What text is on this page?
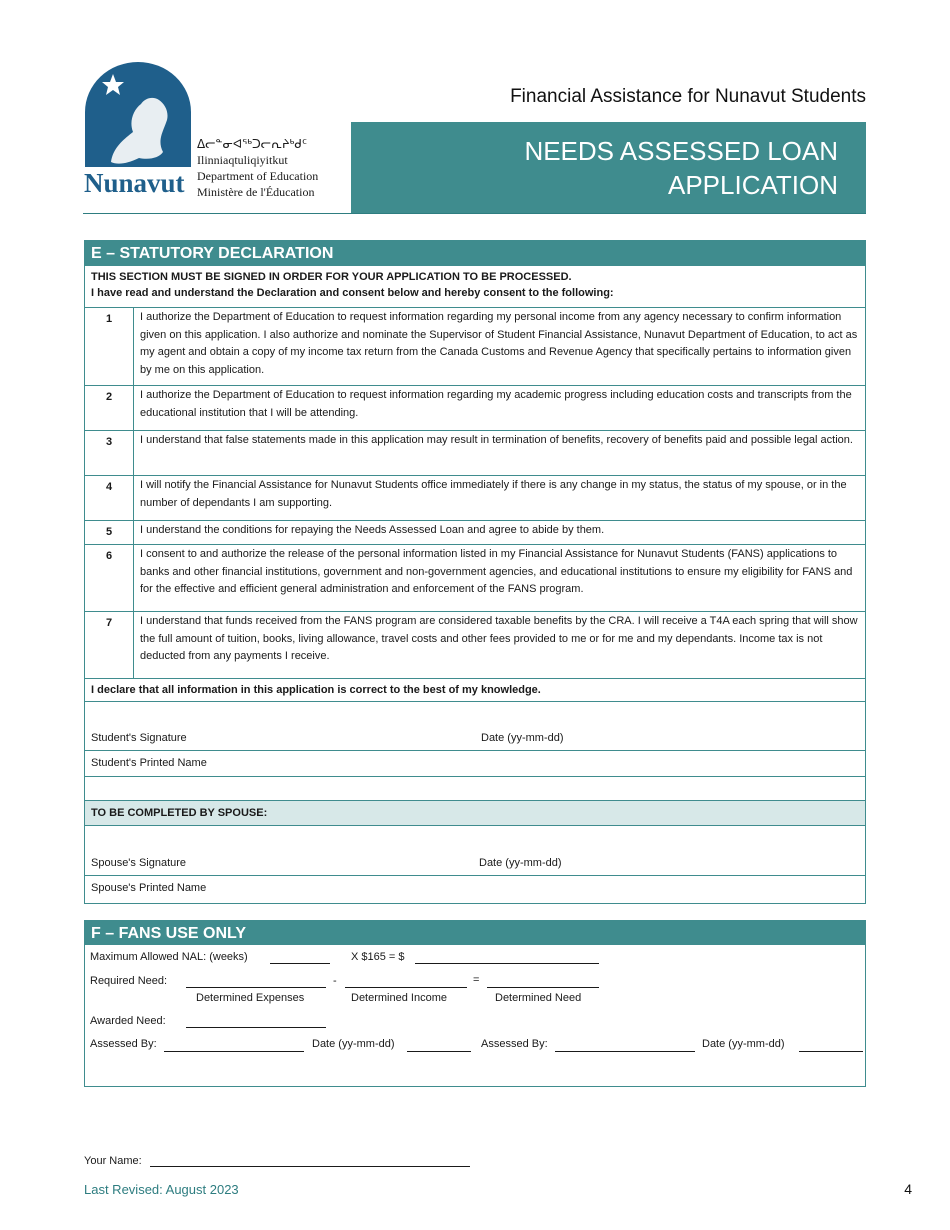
Nunavut
ᐃᓕᓐᓂᐊᖅᑐᓕᕆᔨᒃᑯᑦ
Ilinniaqtuliqiyitkut
Department of Education
Ministère de l'Éducation
Financial Assistance for Nunavut Students
NEEDS ASSESSED LOAN
APPLICATION
E – STATUTORY DECLARATION
THIS SECTION MUST BE SIGNED IN ORDER FOR YOUR APPLICATION TO BE PROCESSED.
I have read and understand the Declaration and consent below and hereby consent to the following:
1	I authorize the Department of Education to request information regarding my personal income from any agency necessary to confirm information given on this application. I also authorize and nominate the Supervisor of Student Financial Assistance, Nunavut Department of Education, to act as my agent and obtain a copy of my income tax return from the Canada Customs and Revenue Agency that specifically pertains to information given by me on this application.
2	I authorize the Department of Education to request information regarding my academic progress including education costs and transcripts from the educational institution that I will be attending.
3	I understand that false statements made in this application may result in termination of benefits, recovery of benefits paid and possible legal action.
4	I will notify the Financial Assistance for Nunavut Students office immediately if there is any change in my status, the status of my spouse, or in the number of dependants I am supporting.
5	I understand the conditions for repaying the Needs Assessed Loan and agree to abide by them.
6	I consent to and authorize the release of the personal information listed in my Financial Assistance for Nunavut Students (FANS) applications to banks and other financial institutions, government and non-government agencies, and educational institutions to ensure my eligibility for FANS and for the effective and efficient general administration and enforcement of the FANS program.
7	I understand that funds received from the FANS program are considered taxable benefits by the CRA. I will receive a T4A each spring that will show the full amount of tuition, books, living allowance, travel costs and other fees provided to me or for me and my dependants. Income tax is not deducted from any payments I receive.
I declare that all information in this application is correct to the best of my knowledge.
Student's Signature	Date (yy-mm-dd)
Student's Printed Name
TO BE COMPLETED BY SPOUSE:
Spouse's Signature	Date (yy-mm-dd)
Spouse's Printed Name
F – FANS USE ONLY
Maximum Allowed NAL: (weeks)	X $165 = $
Required Need:	-	=
Determined Expenses	Determined Income	Determined Need
Awarded Need:
Assessed By:	Date (yy-mm-dd)	Assessed By:	Date (yy-mm-dd)
Your Name:
Last Revised: August 2023	4
